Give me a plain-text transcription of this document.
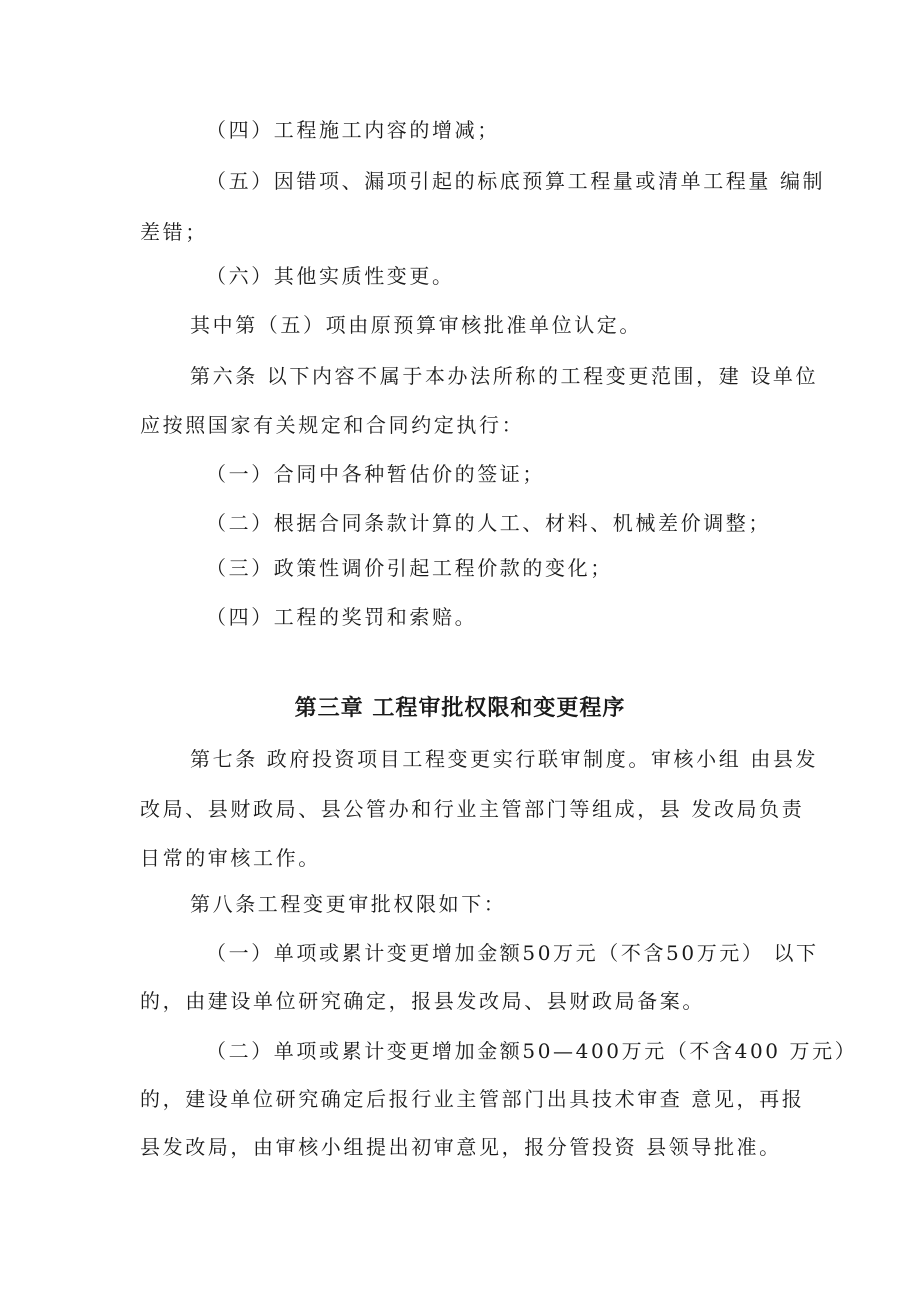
（四）工程施工内容的增减；
（五）因错项、漏项引起的标底预算工程量或清单工程量 编制
差错；
（六）其他实质性变更。
其中第（五）项由原预算审核批准单位认定。
第六条 以下内容不属于本办法所称的工程变更范围，建 设单位
应按照国家有关规定和合同约定执行：
（一）合同中各种暂估价的签证；
（二）根据合同条款计算的人工、材料、机械差价调整；
（三）政策性调价引起工程价款的变化；
（四）工程的奖罚和索赔。
第三章 工程审批权限和变更程序
第七条 政府投资项目工程变更实行联审制度。审核小组 由县发
改局、县财政局、县公管办和行业主管部门等组成，县 发改局负责
日常的审核工作。
第八条工程变更审批权限如下：
（一）单项或累计变更增加金额50万元（不含50万元） 以下
的，由建设单位研究确定，报县发改局、县财政局备案。
（二）单项或累计变更增加金额50—400万元（不含400 万元）
的，建设单位研究确定后报行业主管部门出具技术审查 意见，再报
县发改局，由审核小组提出初审意见，报分管投资 县领导批准。
